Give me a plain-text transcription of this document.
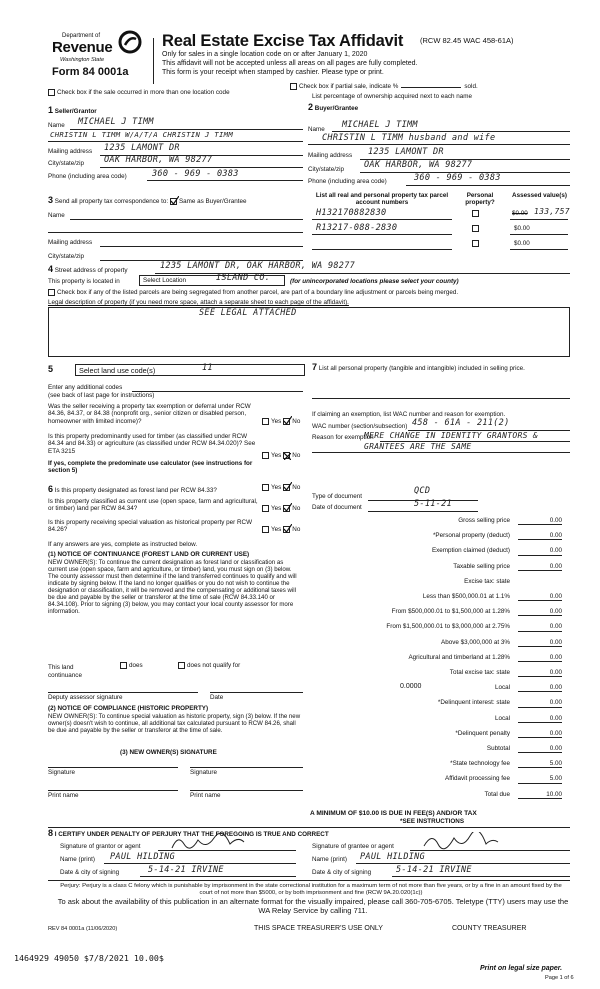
Department of
Revenue
Washington State
Form 84 0001a
Real Estate Excise Tax Affidavit (RCW 82.45 WAC 458-61A)
Only for sales in a single location code on or after January 1, 2020
This affidavit will not be accepted unless all areas on all pages are fully completed.
This form is your receipt when stamped by cashier. Please type or print.
Check box if the sale occurred in more than one location code
Check box if partial sale, indicate %	sold.
List percentage of ownership acquired next to each name
1 Seller/Grantor
Name MICHAEL J TIMM
CHRISTIN L TIMM W/A/T/A CHRISTIN J TIMM
Mailing address 1235 LAMONT DR
City/state/zip OAK HARBOR, WA 98277
Phone (including area code)	360 - 969 - 0383
2 Buyer/Grantee
Name MICHAEL J TIMM
CHRISTIN L TIMM husband and wife
Mailing address 1235 LAMONT DR
City/state/zip OAK HARBOR, WA 98277
Phone (including area code)	360 - 969 - 0383
3 Send all property tax correspondence to: Same as Buyer/Grantee
Name
Mailing address
City/state/zip
List all real and personal property tax parcel account numbers
Personal property?
Assessed value(s)
H132170882830	$0.00 133,757
R13217-088-2830	$0.00
$0.00
4 Street address of property	1235 LAMONT DR, OAK HARBOR, WA 98277
This property is located in	Select Location	ISLAND CO.	(for unincorporated locations please select your county)
Check box if any of the listed parcels are being segregated from another parcel, are part of a boundary line adjustment or parcels being merged.
Legal description of property (if you need more space, attach a separate sheet to each page of the affidavit).
SEE LEGAL ATTACHED
5	Select land use code(s)	11
Enter any additional codes
(see back of last page for instructions)
Was the seller receiving a property tax exemption or deferral under RCW 84.36, 84.37, or 84.38 (nonprofit org., senior citizen or disabled person, homeowner with limited income)?	Yes No
Is this property predominantly used for timber (as classified under RCW 84.34 and 84.33) or agriculture (as classified under RCW 84.34.020)? See ETA 3215
Yes No
If yes, complete the predominate use calculator (see instructions for section 5)
6 Is this property designated as forest land per RCW 84.33?	Yes No
Is this property classified as current use (open space, farm and agricultural, or timber) land per RCW 84.34?	Yes No
Is this property receiving special valuation as historical property per RCW 84.26?	Yes No
If any answers are yes, complete as instructed below.
(1) NOTICE OF CONTINUANCE (FOREST LAND OR CURRENT USE)
NEW OWNER(S): To continue the current designation as forest land or classification as current use (open space, farm and agriculture, or timber) land, you must sign on (3) below. The county assessor must then determine if the land transferred continues to qualify and will indicate by signing below. If the land no longer qualifies or you do not wish to continue the designation or classification, it will be removed and the compensating or additional taxes will be due and payable by the seller or transferor at the time of sale (RCW 84.33.140 or 84.34.108). Prior to signing (3) below, you may contact your local county assessor for more information.
This land	does	does not qualify for
continuance
Deputy assessor signature	Date
(2) NOTICE OF COMPLIANCE (HISTORIC PROPERTY)
NEW OWNER(S): To continue special valuation as historic property, sign (3) below. If the new owner(s) doesn't wish to continue, all additional tax calculated pursuant to RCW 84.26, shall be due and payable by the seller or transferor at the time of sale.
(3) NEW OWNER(S) SIGNATURE
Signature	Signature
Print name	Print name
7 List all personal property (tangible and intangible) included in selling price.
If claiming an exemption, list WAC number and reason for exemption.
WAC number (section/subsection) 458 - 61A - 211(2)
Reason for exemption
MERE CHANGE IN IDENTITY GRANTORS & GRANTEES ARE THE SAME
Type of document
QCD
Date of document	5-11-21
Gross selling price	0.00
*Personal property (deduct)	0.00
Exemption claimed (deduct)	0.00
Taxable selling price	0.00
Excise tax: state
Less than $500,000.01 at 1.1%	0.00
From $500,000.01 to $1,500,000 at 1.28%	0.00
From $1,500,000.01 to $3,000,000 at 2.75%	0.00
Above $3,000,000 at 3%	0.00
Agricultural and timberland at 1.28%	0.00
Total excise tax: state	0.00
Local	0.00
*Delinquent interest: state	0.00
Local	0.00
*Delinquent penalty	0.00
Subtotal	0.00
*State technology fee	5.00
Affidavit processing fee	5.00
Total due	10.00
0.0000
A MINIMUM OF $10.00 IS DUE IN FEE(S) AND/OR TAX
*SEE INSTRUCTIONS
8 I CERTIFY UNDER PENALTY OF PERJURY THAT THE FOREGOING IS TRUE AND CORRECT
Signature of grantor or agent
Name (print) PAUL HILDING
Date & city of signing	5-14-21 IRVINE
Signature of grantee or agent
Name (print) PAUL HILDING
Date & city of signing	5-14-21 IRVINE
Perjury: Perjury is a class C felony which is punishable by imprisonment in the state correctional institution for a maximum term of not more than five years, or by a fine in an amount fixed by the court of not more than $5000, or by both imprisonment and fine (RCW 9A.20.020(1c))
To ask about the availability of this publication in an alternate format for the visually impaired, please call 360-705-6705. Teletype (TTY) users may use the WA Relay Service by calling 711.
REV 84 0001a (11/06/2020)	THIS SPACE TREASURER'S USE ONLY	COUNTY TREASURER
1464929 49050 $7/8/2021 10.00$
Print on legal size paper.
Page 1 of 6
